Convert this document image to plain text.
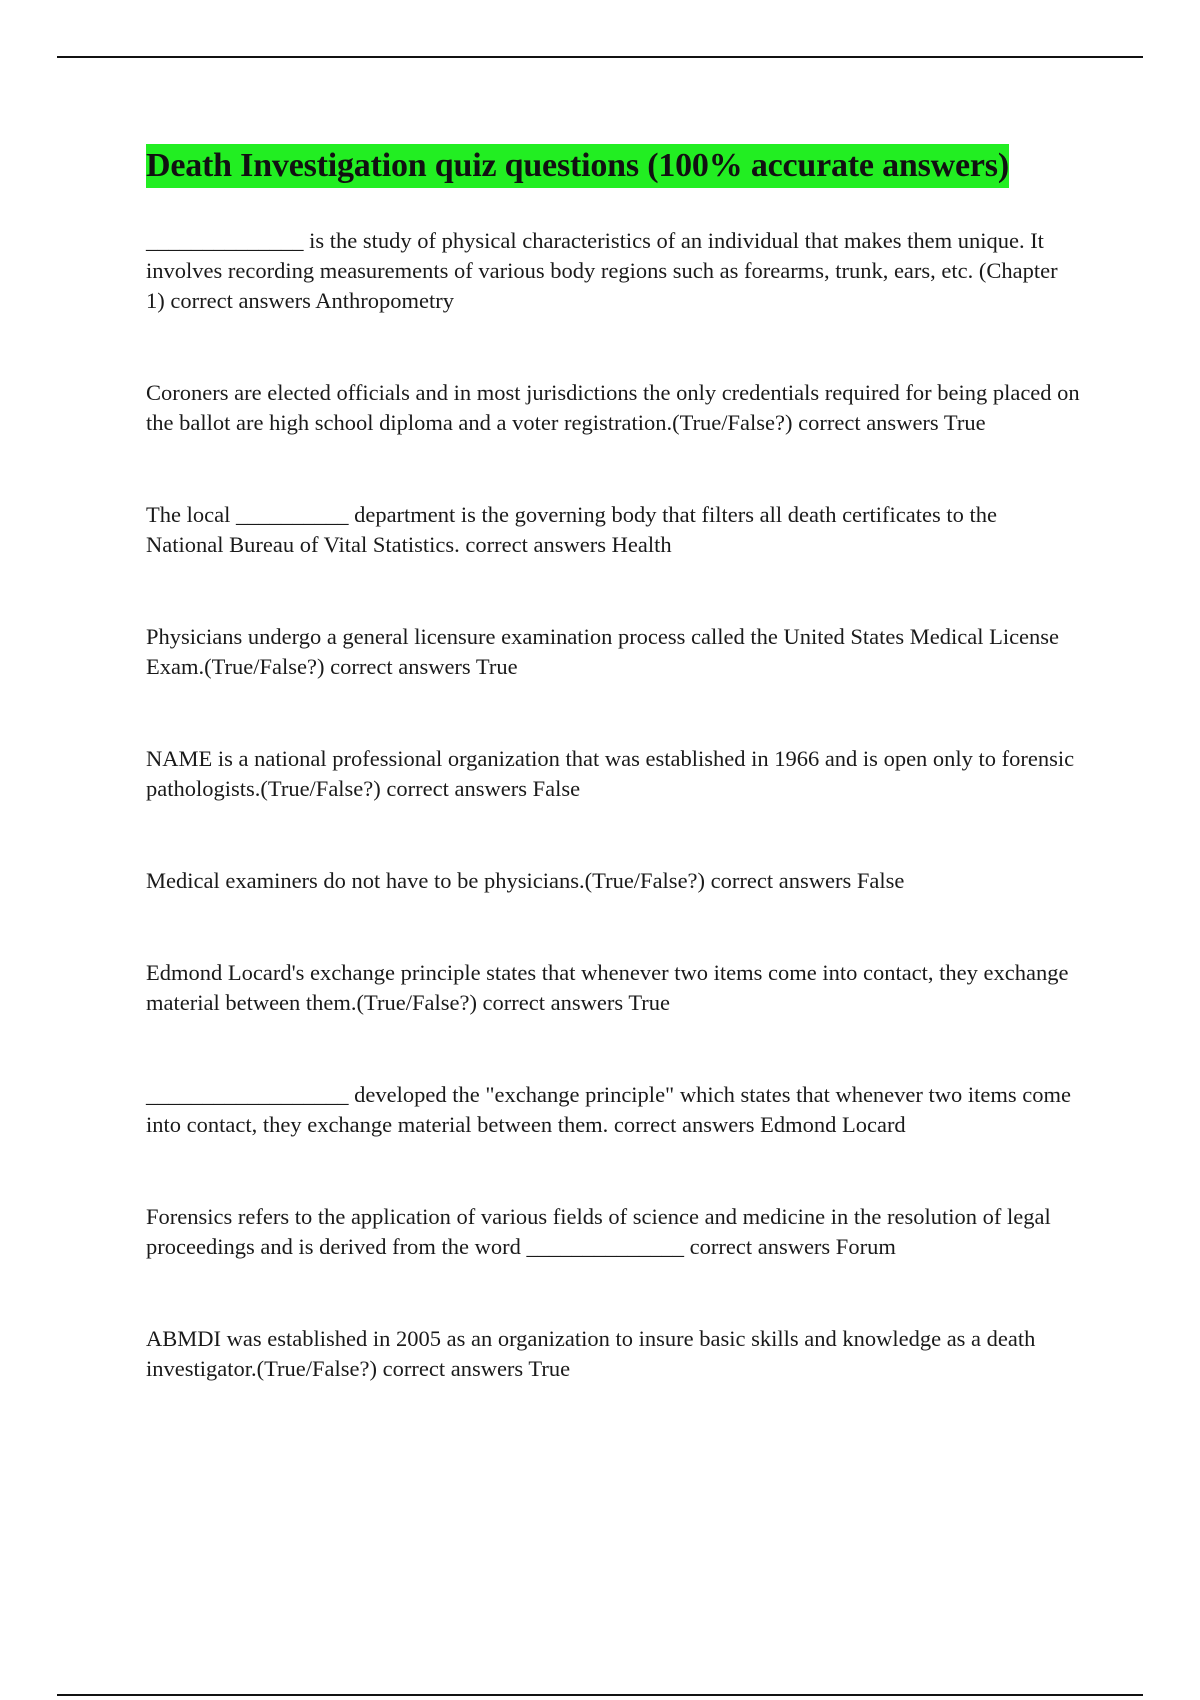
Death Investigation quiz questions (100% accurate answers)
______________ is the study of physical characteristics of an individual that makes them unique. It involves recording measurements of various body regions such as forearms, trunk, ears, etc. (Chapter 1) correct answers Anthropometry
Coroners are elected officials and in most jurisdictions the only credentials required for being placed on the ballot are high school diploma and a voter registration.(True/False?) correct answers True
The local __________ department is the governing body that filters all death certificates to the National Bureau of Vital Statistics. correct answers Health
Physicians undergo a general licensure examination process called the United States Medical License Exam.(True/False?) correct answers True
NAME is a national professional organization that was established in 1966 and is open only to forensic pathologists.(True/False?) correct answers False
Medical examiners do not have to be physicians.(True/False?) correct answers False
Edmond Locard's exchange principle states that whenever two items come into contact, they exchange material between them.(True/False?) correct answers True
__________________ developed the "exchange principle" which states that whenever two items come into contact, they exchange material between them. correct answers Edmond Locard
Forensics refers to the application of various fields of science and medicine in the resolution of legal proceedings and is derived from the word ______________ correct answers Forum
ABMDI was established in 2005 as an organization to insure basic skills and knowledge as a death investigator.(True/False?) correct answers True
